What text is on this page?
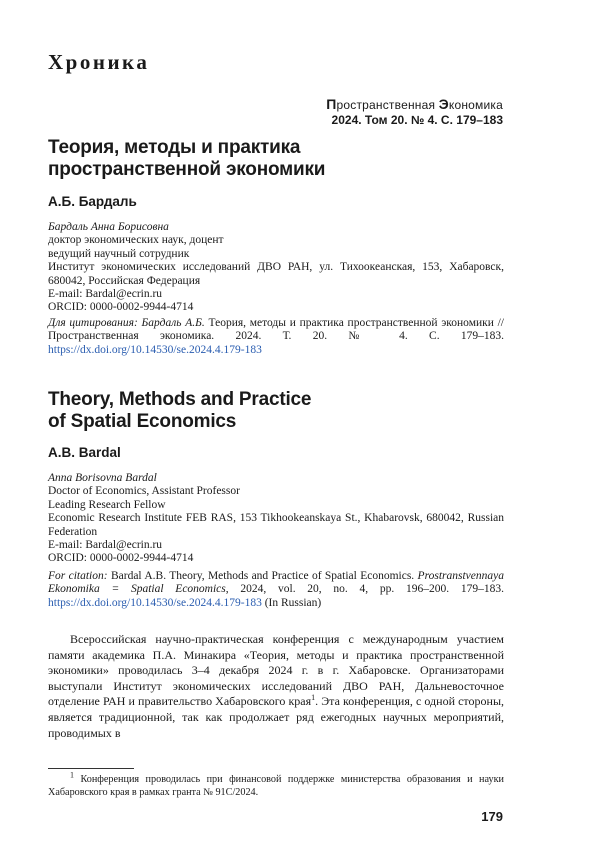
Хроника
Пространственная Экономика
2024. Том 20. № 4. С. 179–183
Теория, методы и практика
пространственной экономики
А.Б. Бардаль
Бардаль Анна Борисовна
доктор экономических наук, доцент
ведущий научный сотрудник
Институт экономических исследований ДВО РАН, ул. Тихоокеанская, 153, Хабаровск, 680042, Российская Федерация
E-mail: Bardal@ecrin.ru
ORCID: 0000-0002-9944-4714
Для цитирования: Бардаль А.Б. Теория, методы и практика пространственной экономики // Пространственная экономика. 2024. Т. 20. № 4. С. 179–183. https://dx.doi.org/10.14530/se.2024.4.179-183
Theory, Methods and Practice
of Spatial Economics
A.B. Bardal
Anna Borisovna Bardal
Doctor of Economics, Assistant Professor
Leading Research Fellow
Economic Research Institute FEB RAS, 153 Tikhookeanskaya St., Khabarovsk, 680042, Russian Federation
E-mail: Bardal@ecrin.ru
ORCID: 0000-0002-9944-4714
For citation: Bardal A.B. Theory, Methods and Practice of Spatial Economics. Prostranstvennaya Ekonomika = Spatial Economics, 2024, vol. 20, no. 4, pp. 196–200. 179–183. https://dx.doi.org/10.14530/se.2024.4.179-183 (In Russian)

Всероссийская научно-практическая конференция с международным участием памяти академика П.А. Минакира «Теория, методы и практика пространственной экономики» проводилась 3–4 декабря 2024 г. в г. Хабаровске. Организаторами выступали Институт экономических исследований ДВО РАН, Дальневосточное отделение РАН и правительство Хабаровского края$^1$. Эта конференция, с одной стороны, является традиционной, так как продолжает ряд ежегодных научных мероприятий, проводимых в

$^1$ Конференция проводилась при финансовой поддержке министерства образования и науки Хабаровского края в рамках гранта № 91С/2024.
179
